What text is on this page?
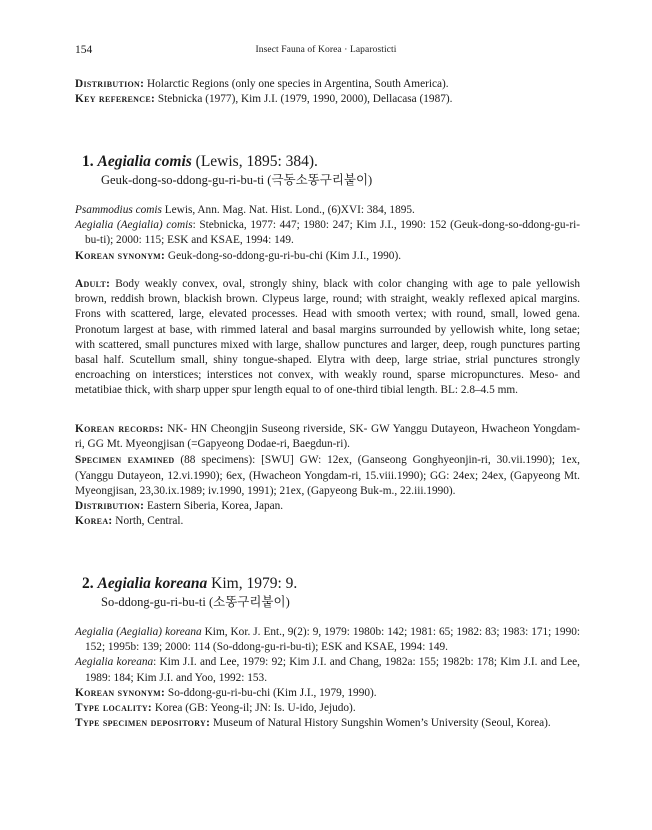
154	Insect Fauna of Korea · Laparosticti

Distribution: Holarctic Regions (only one species in Argentina, South America).

Key reference: Stebnicka (1977), Kim J.I. (1979, 1990, 2000), Dellacasa (1987).

1. Aegialia comis (Lewis, 1895: 384).
Geuk-dong-so-ddong-gu-ri-bu-ti (극동소똥구리붙이)

Psammodius comis Lewis, Ann. Mag. Nat. Hist. Lond., (6)XVI: 384, 1895.

Aegialia (Aegialia) comis: Stebnicka, 1977: 447; 1980: 247; Kim J.I., 1990: 152 (Geuk-dong-so-ddong-gu-ri-bu-ti); 2000: 115; ESK and KSAE, 1994: 149.

Korean synonym: Geuk-dong-so-ddong-gu-ri-bu-chi (Kim J.I., 1990).

Adult: Body weakly convex, oval, strongly shiny, black with color changing with age to pale yellowish brown, reddish brown, blackish brown. Clypeus large, round; with straight, weakly reflexed apical margins. Frons with scattered, large, elevated processes. Head with smooth vertex; with round, small, lowed gena. Pronotum largest at base, with rimmed lateral and basal margins surrounded by yellowish white, long setae; with scattered, small punctures mixed with large, shallow punctures and larger, deep, rough punctures parting basal half. Scutellum small, shiny tongue-shaped. Elytra with deep, large striae, strial punctures strongly encroaching on interstices; interstices not convex, with weakly round, sparse micropunctures. Meso- and metatibiae thick, with sharp upper spur length equal to of one-third tibial length. BL: 2.8–4.5 mm.

Korean records: NK- HN Cheongjin Suseong riverside, SK- GW Yanggu Dutayeon, Hwacheon Yongdam-ri, GG Mt. Myeongjisan (=Gapyeong Dodae-ri, Baegdun-ri).

Specimen examined (88 specimens): [SWU] GW: 12ex, (Ganseong Gonghyeonjin-ri, 30.vii.1990); 1ex, (Yanggu Dutayeon, 12.vi.1990); 6ex, (Hwacheon Yongdam-ri, 15.viii.1990); GG: 24ex; 24ex, (Gapyeong Mt. Myeongjisan, 23,30.ix.1989; iv.1990, 1991); 21ex, (Gapyeong Buk-m., 22.iii.1990).

Distribution: Eastern Siberia, Korea, Japan.

Korea: North, Central.

2. Aegialia koreana Kim, 1979: 9.
So-ddong-gu-ri-bu-ti (소똥구리붙이)

Aegialia (Aegialia) koreana Kim, Kor. J. Ent., 9(2): 9, 1979: 1980b: 142; 1981: 65; 1982: 83; 1983: 171; 1990: 152; 1995b: 139; 2000: 114 (So-ddong-gu-ri-bu-ti); ESK and KSAE, 1994: 149.

Aegialia koreana: Kim J.I. and Lee, 1979: 92; Kim J.I. and Chang, 1982a: 155; 1982b: 178; Kim J.I. and Lee, 1989: 184; Kim J.I. and Yoo, 1992: 153.

Korean synonym: So-ddong-gu-ri-bu-chi (Kim J.I., 1979, 1990).

Type locality: Korea (GB: Yeong-il; JN: Is. U-ido, Jejudo).

Type specimen depository: Museum of Natural History Sungshin Women’s University (Seoul, Korea).
